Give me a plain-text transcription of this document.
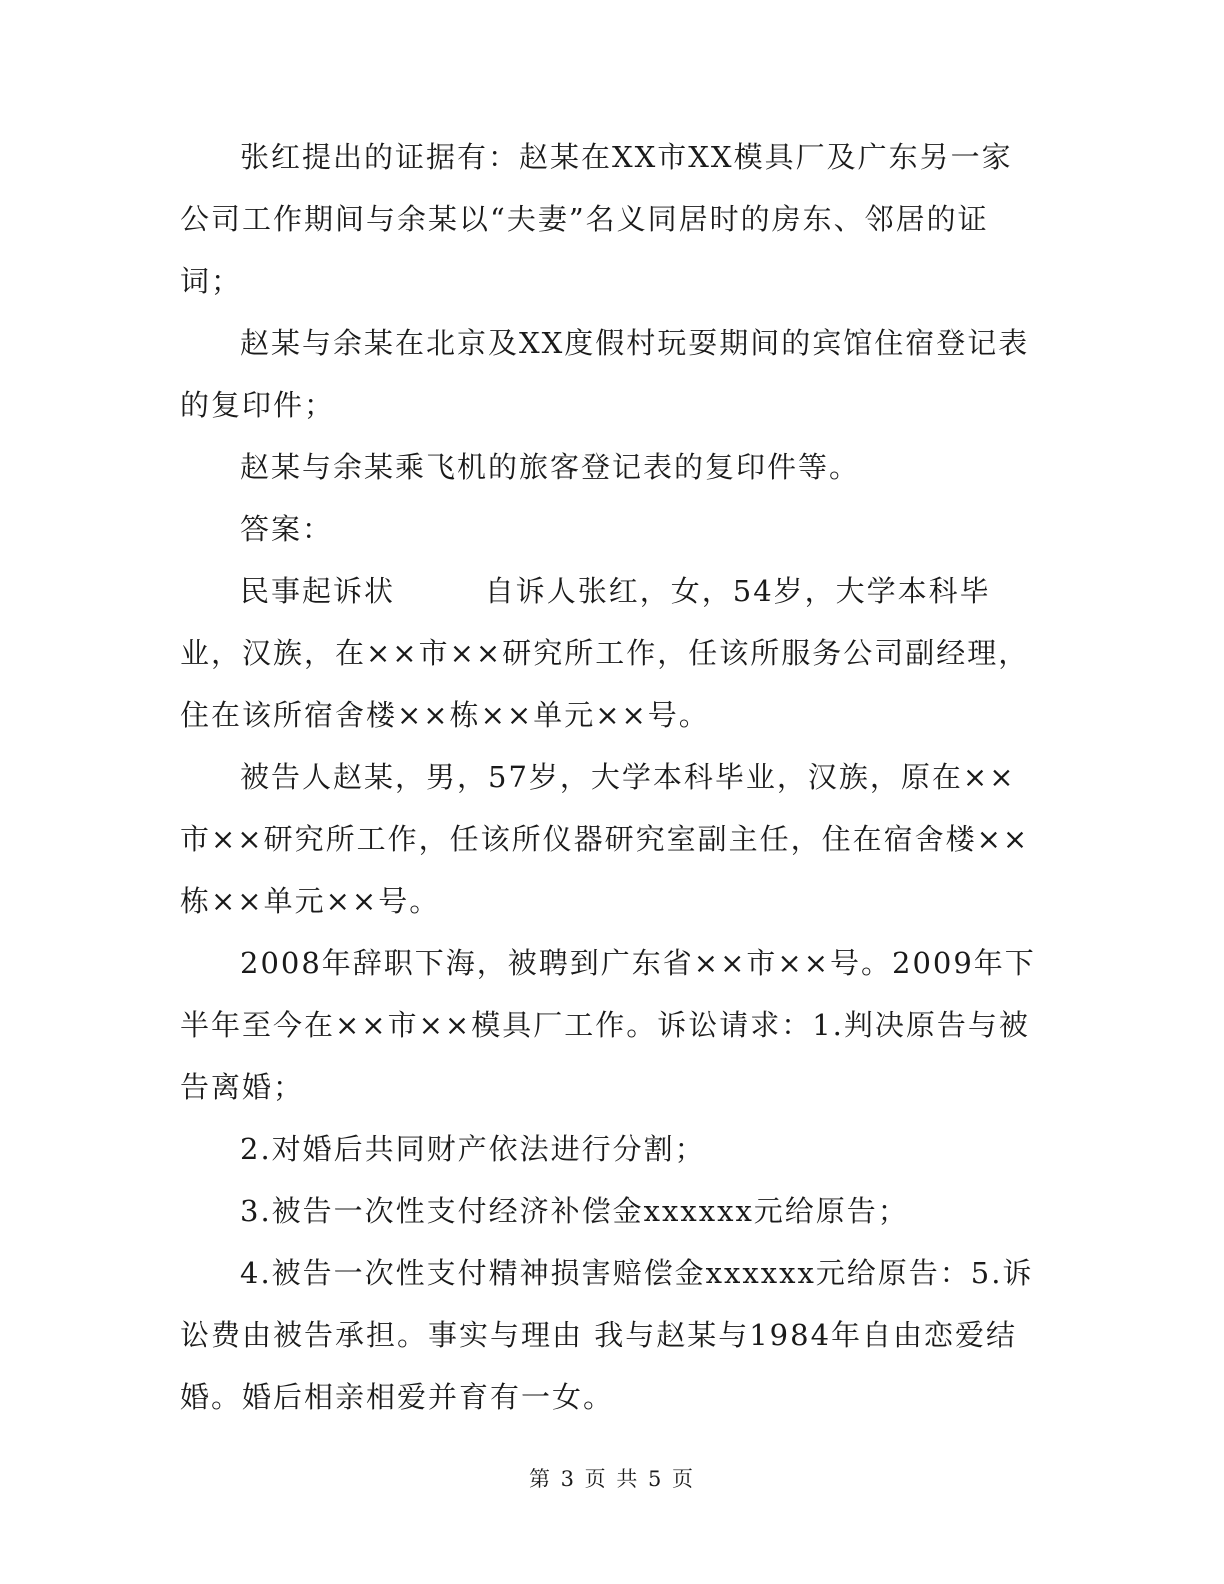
张红提出的证据有：赵某在XX市XX模具厂及广东另一家公司工作期间与余某以“夫妻”名义同居时的房东、邻居的证词；

赵某与余某在北京及XX度假村玩耍期间的宾馆住宿登记表的复印件；

赵某与余某乘飞机的旅客登记表的复印件等。

答案：

民事起诉状        自诉人张红，女，54岁，大学本科毕业，汉族，在××市××研究所工作，任该所服务公司副经理，住在该所宿舍楼××栋××单元××号。

被告人赵某，男，57岁，大学本科毕业，汉族，原在××市××研究所工作，任该所仪器研究室副主任，住在宿舍楼××栋××单元××号。

2008年辞职下海，被聘到广东省××市××号。2009年下半年至今在××市××模具厂工作。诉讼请求：1.判决原告与被告离婚；

2.对婚后共同财产依法进行分割；

3.被告一次性支付经济补偿金xxxxxx元给原告；

4.被告一次性支付精神损害赔偿金xxxxxx元给原告：5.诉讼费由被告承担。事实与理由 我与赵某与1984年自由恋爱结婚。婚后相亲相爱并育有一女。

第 3 页 共 5 页
